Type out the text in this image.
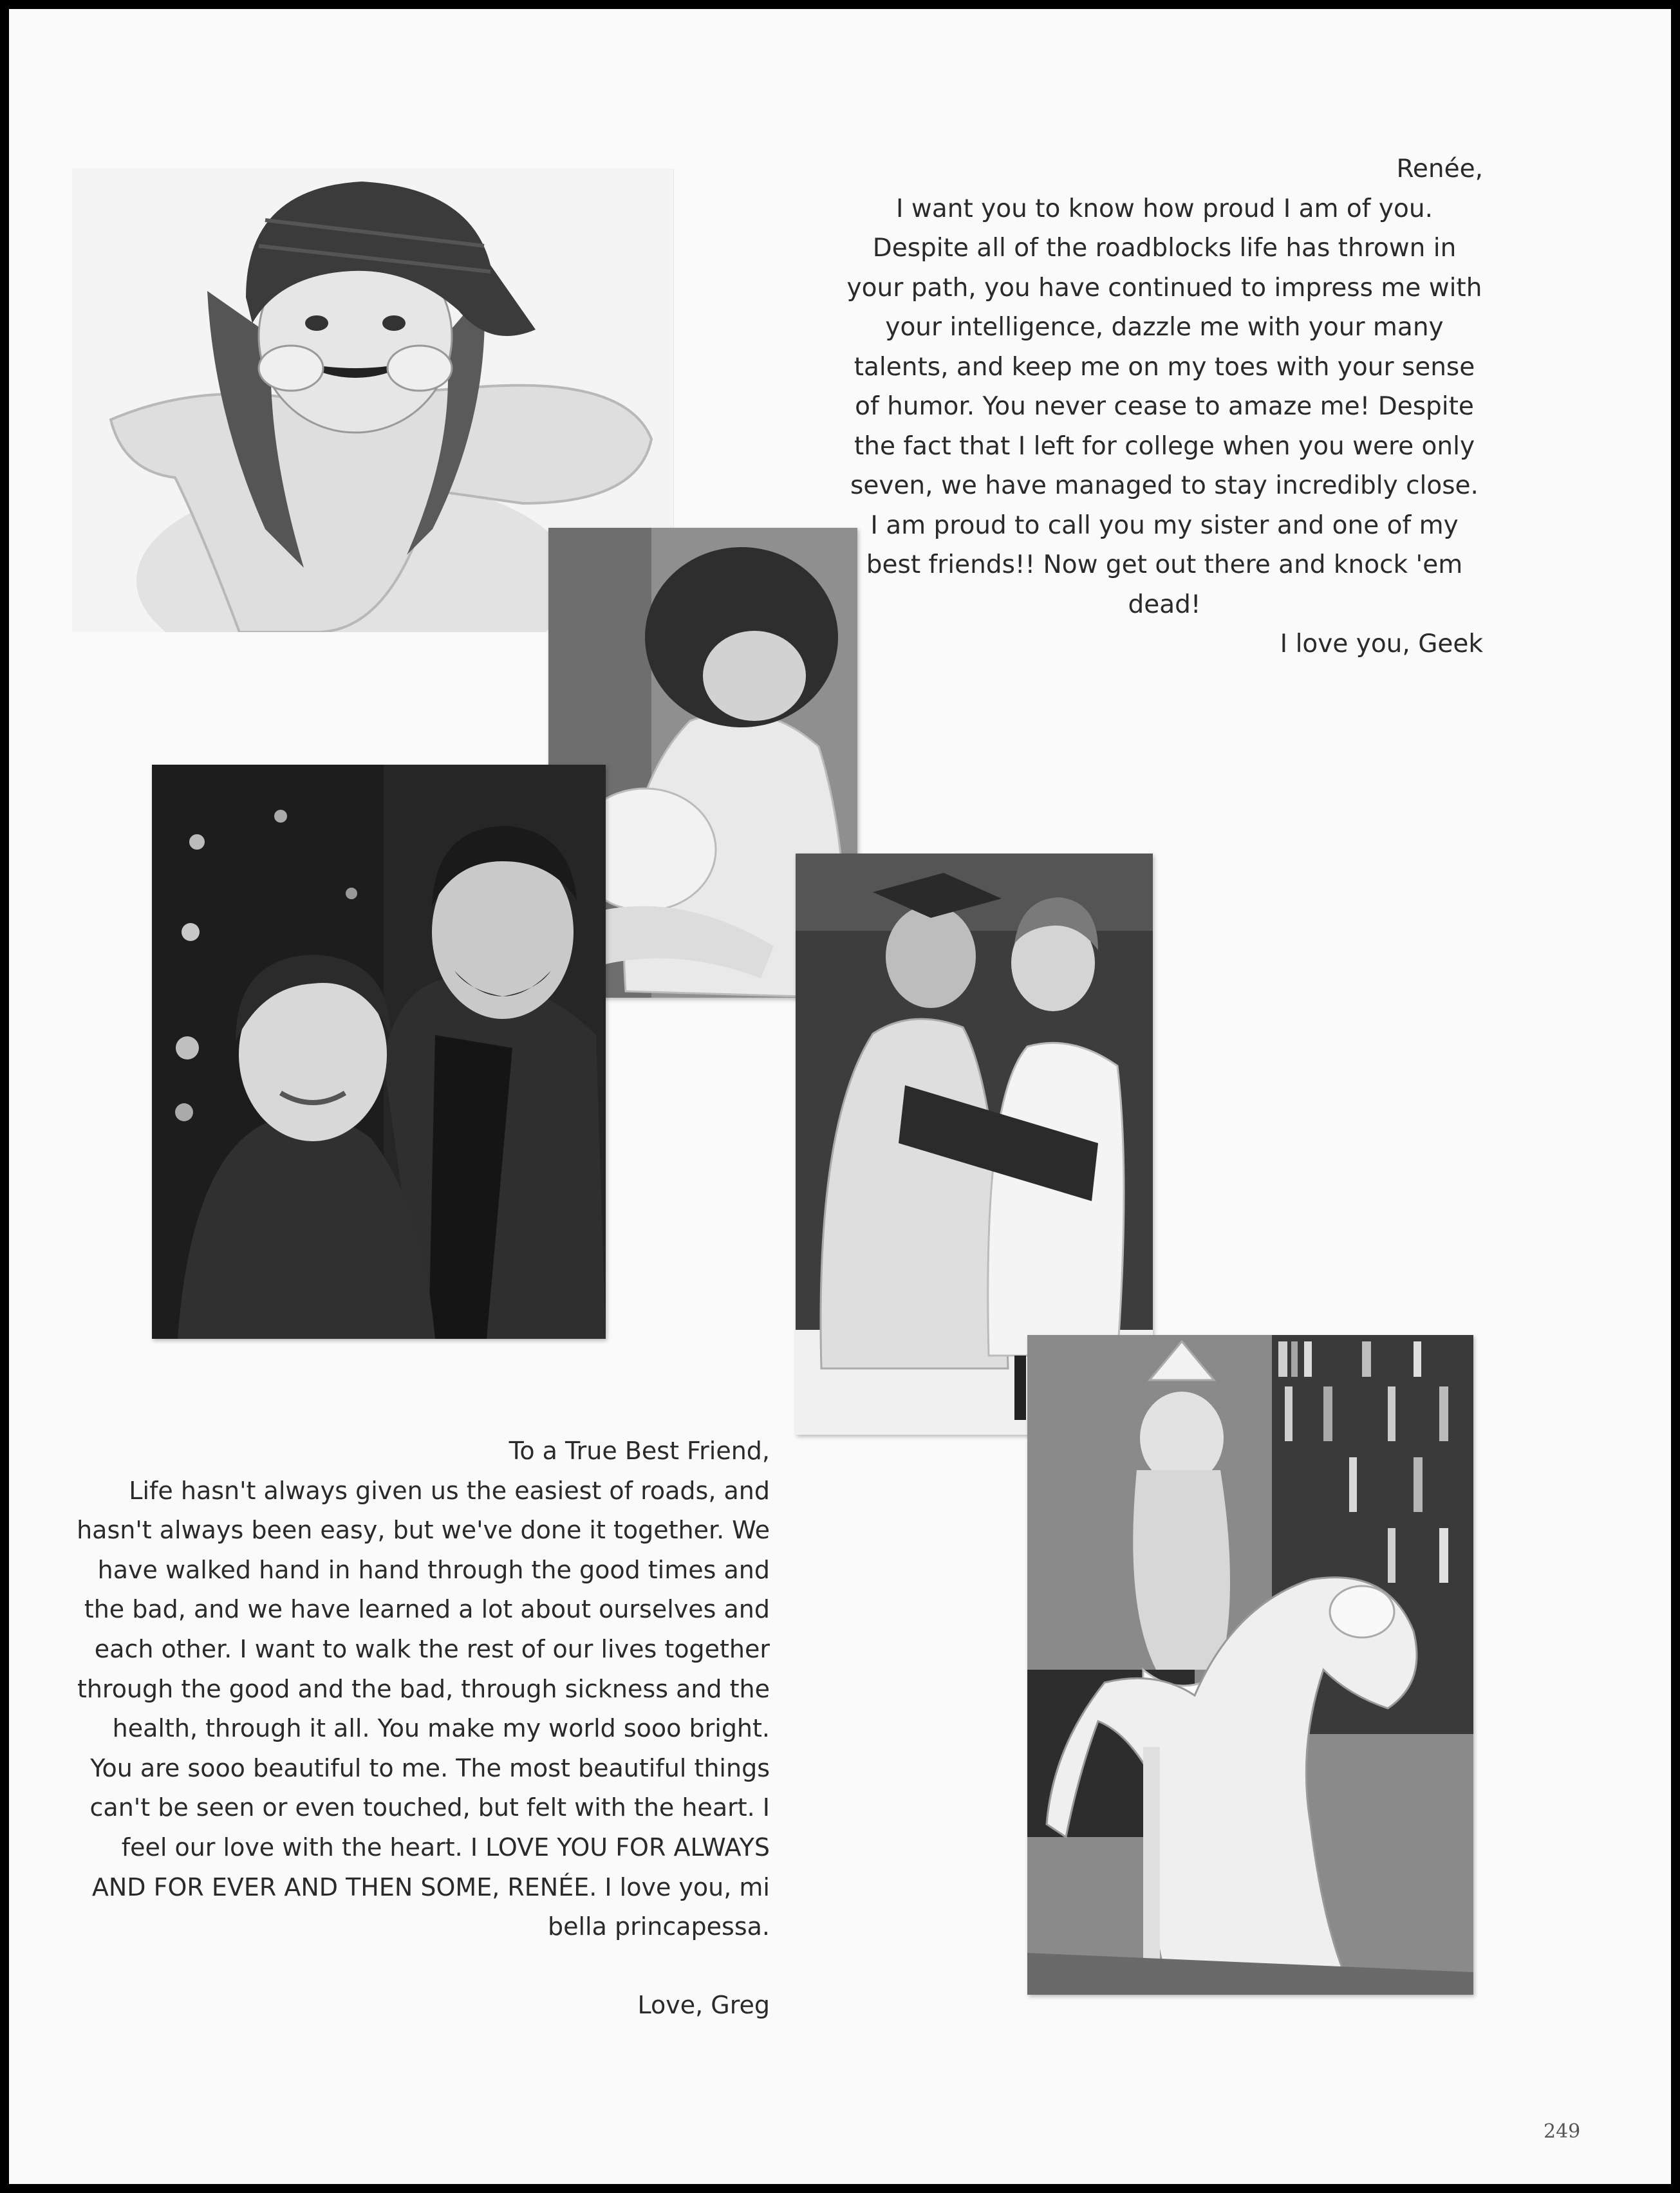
Renée,

I want you to know how proud I am of you. Despite all of the roadblocks life has thrown in your path, you have continued to impress me with your intelligence, dazzle me with your many talents, and keep me on my toes with your sense of humor. You never cease to amaze me! Despite the fact that I left for college when you were only seven, we have managed to stay incredibly close. I am proud to call you my sister and one of my best friends!! Now get out there and knock 'em dead!

I love you, Geek

To a True Best Friend,

Life hasn't always given us the easiest of roads, and hasn't always been easy, but we've done it together. We have walked hand in hand through the good times and the bad, and we have learned a lot about ourselves and each other. I want to walk the rest of our lives together through the good and the bad, through sickness and the health, through it all. You make my world sooo bright. You are sooo beautiful to me. The most beautiful things can't be seen or even touched, but felt with the heart. I feel our love with the heart. I LOVE YOU FOR ALWAYS AND FOR EVER AND THEN SOME, RENÉE. I love you, mi bella princapessa.

Love, Greg

249
